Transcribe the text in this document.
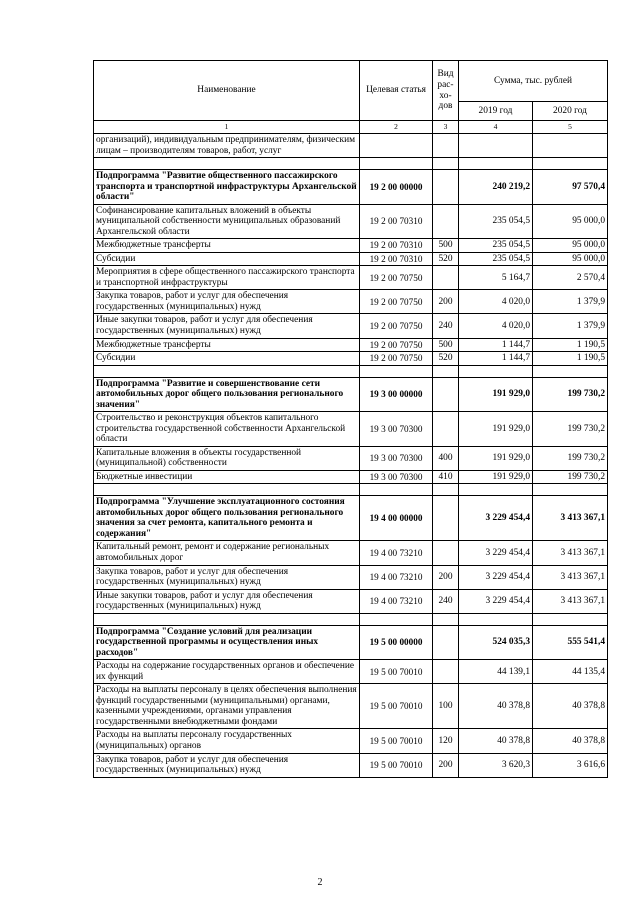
Наименование	Целевая статья	Вид рас-хо-дов	Сумма, тыс. рублей	
			2019 год	2020 год
1	2	3	4	5
организаций), индивидуальным предпринимателям, физическим лицам – производителям товаров, работ, услуг				

Подпрограмма "Развитие общественного пассажирского транспорта и транспортной инфраструктуры Архангельской области"	19 2 00 00000		240 219,2	97 570,4
Софинансирование капитальных вложений в объекты муниципальной собственности муниципальных образований Архангельской области	19 2 00 70310		235 054,5	95 000,0
Межбюджетные трансферты	19 2 00 70310	500	235 054,5	95 000,0
Субсидии	19 2 00 70310	520	235 054,5	95 000,0
Мероприятия в сфере общественного пассажирского транспорта и транспортной инфраструктуры	19 2 00 70750		5 164,7	2 570,4
Закупка товаров, работ и услуг для обеспечения государственных (муниципальных) нужд	19 2 00 70750	200	4 020,0	1 379,9
Иные закупки товаров, работ и услуг для обеспечения государственных (муниципальных) нужд	19 2 00 70750	240	4 020,0	1 379,9
Межбюджетные трансферты	19 2 00 70750	500	1 144,7	1 190,5
Субсидии	19 2 00 70750	520	1 144,7	1 190,5

Подпрограмма "Развитие и совершенствование сети автомобильных дорог общего пользования регионального значения"	19 3 00 00000		191 929,0	199 730,2
Строительство и реконструкция объектов капитального строительства государственной собственности Архангельской области	19 3 00 70300		191 929,0	199 730,2
Капитальные вложения в объекты государственной (муниципальной) собственности	19 3 00 70300	400	191 929,0	199 730,2
Бюджетные инвестиции	19 3 00 70300	410	191 929,0	199 730,2

Подпрограмма "Улучшение эксплуатационного состояния автомобильных дорог общего пользования регионального значения за счет ремонта, капитального ремонта и содержания"	19 4 00 00000		3 229 454,4	3 413 367,1
Капитальный ремонт, ремонт и содержание региональных автомобильных дорог	19 4 00 73210		3 229 454,4	3 413 367,1
Закупка товаров, работ и услуг для обеспечения государственных (муниципальных) нужд	19 4 00 73210	200	3 229 454,4	3 413 367,1
Иные закупки товаров, работ и услуг для обеспечения государственных (муниципальных) нужд	19 4 00 73210	240	3 229 454,4	3 413 367,1

Подпрограмма "Создание условий для реализации государственной программы и осуществления иных расходов"	19 5 00 00000		524 035,3	555 541,4
Расходы на содержание государственных органов и обеспечение их функций	19 5 00 70010		44 139,1	44 135,4
Расходы на выплаты персоналу в целях обеспечения выполнения функций государственными (муниципальными) органами, казенными учреждениями, органами управления государственными внебюджетными фондами	19 5 00 70010	100	40 378,8	40 378,8
Расходы на выплаты персоналу государственных (муниципальных) органов	19 5 00 70010	120	40 378,8	40 378,8
Закупка товаров, работ и услуг для обеспечения государственных (муниципальных) нужд	19 5 00 70010	200	3 620,3	3 616,6
2
